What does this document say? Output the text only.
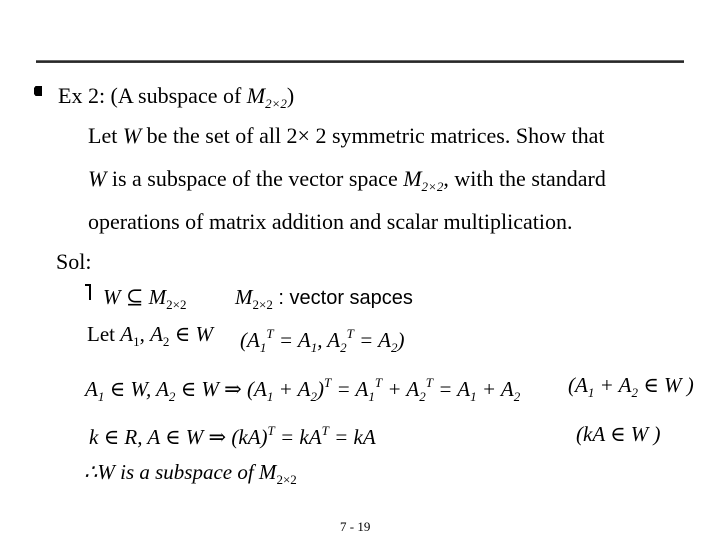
Ex 2: (A subspace of $M_{2\times 2}$)
Let W be the set of all 2× 2 symmetric matrices. Show that
W is a subspace of the vector space $M_{2\times 2}$, with the standard
operations of matrix addition and scalar multiplication.
Sol:
W ⊆ $M_{2\times 2}$ $M_{2\times 2}$ : vector sapces
Let $A_1$, $A_2$ ∈ W ($A_1^T = A_1$, $A_2^T = A_2$)
$A_1$ ∈ W, $A_2$ ∈ W ⇒ $(A_1 + A_2)^T = A_1^T + A_2^T = A_1 + A_2$ ($A_1 + A_2$ ∈ W )
k ∈ R, A ∈ W ⇒ $(kA)^T = kA^T$ = kA	(kA ∈ W )
∴W is a subspace of $M_{2\times 2}$
7 - 19
